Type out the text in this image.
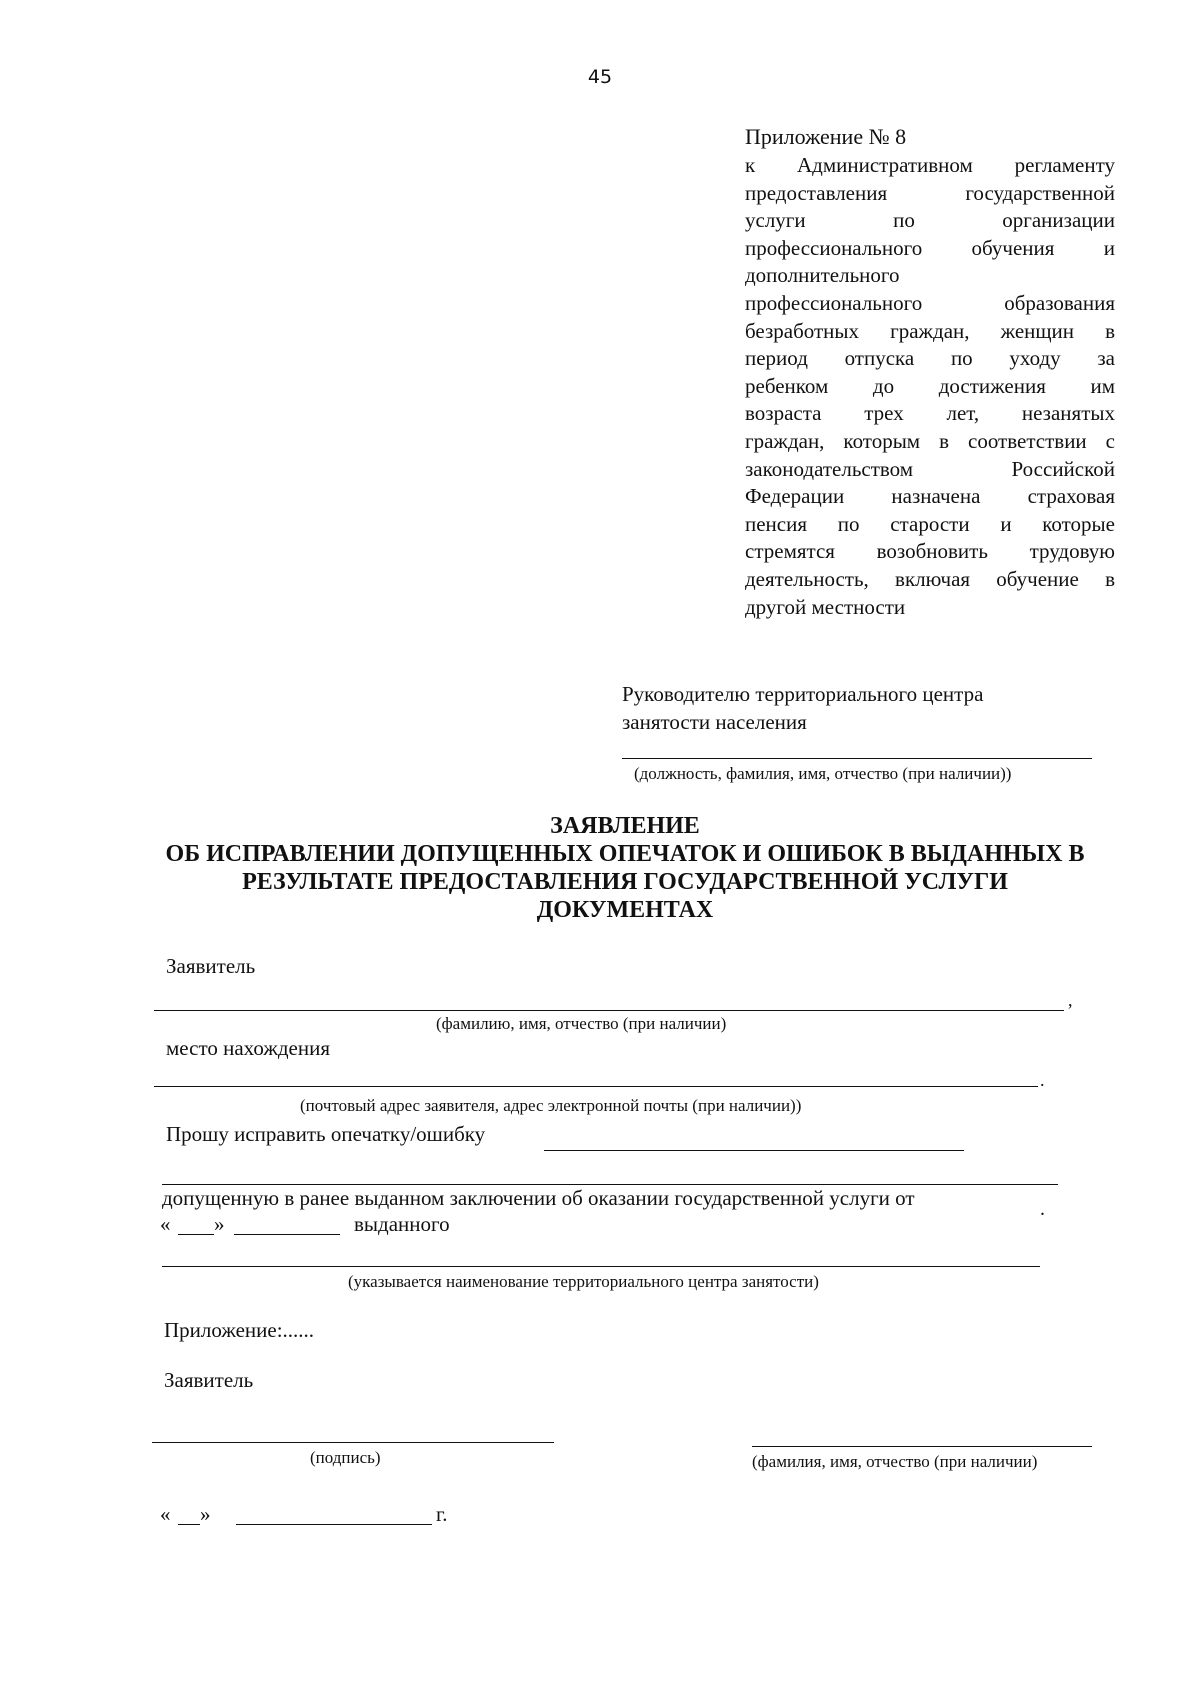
45
Приложение № 8
к Административном регламенту
предоставления государственной
услуги по организации
профессионального обучения и
дополнительного
профессионального образования
безработных граждан, женщин в
период отпуска по уходу за
ребенком до достижения им
возраста трех лет, незанятых
граждан, которым в соответствии с
законодательством Российской
Федерации назначена страховая
пенсия по старости и которые
стремятся возобновить трудовую
деятельность, включая обучение в
другой местности
Руководителю территориального центра
занятости населения
(должность, фамилия, имя, отчество (при наличии))
ЗАЯВЛЕНИЕ
ОБ ИСПРАВЛЕНИИ ДОПУЩЕННЫХ ОПЕЧАТОК И ОШИБОК В ВЫДАННЫХ В
РЕЗУЛЬТАТЕ ПРЕДОСТАВЛЕНИЯ ГОСУДАРСТВЕННОЙ УСЛУГИ
ДОКУМЕНТАХ
Заявитель
,
(фамилию, имя, отчество (при наличии)
место нахождения
.
(почтовый адрес заявителя, адрес электронной почты (при наличии))
Прошу исправить опечатку/ошибку
допущенную в ранее выданном заключении об оказании государственной услуги от	.
« »	выданного
(указывается наименование территориального центра занятости)
Приложение:......
Заявитель
(подпись)	(фамилия, имя, отчество (при наличии)
« »	г.
